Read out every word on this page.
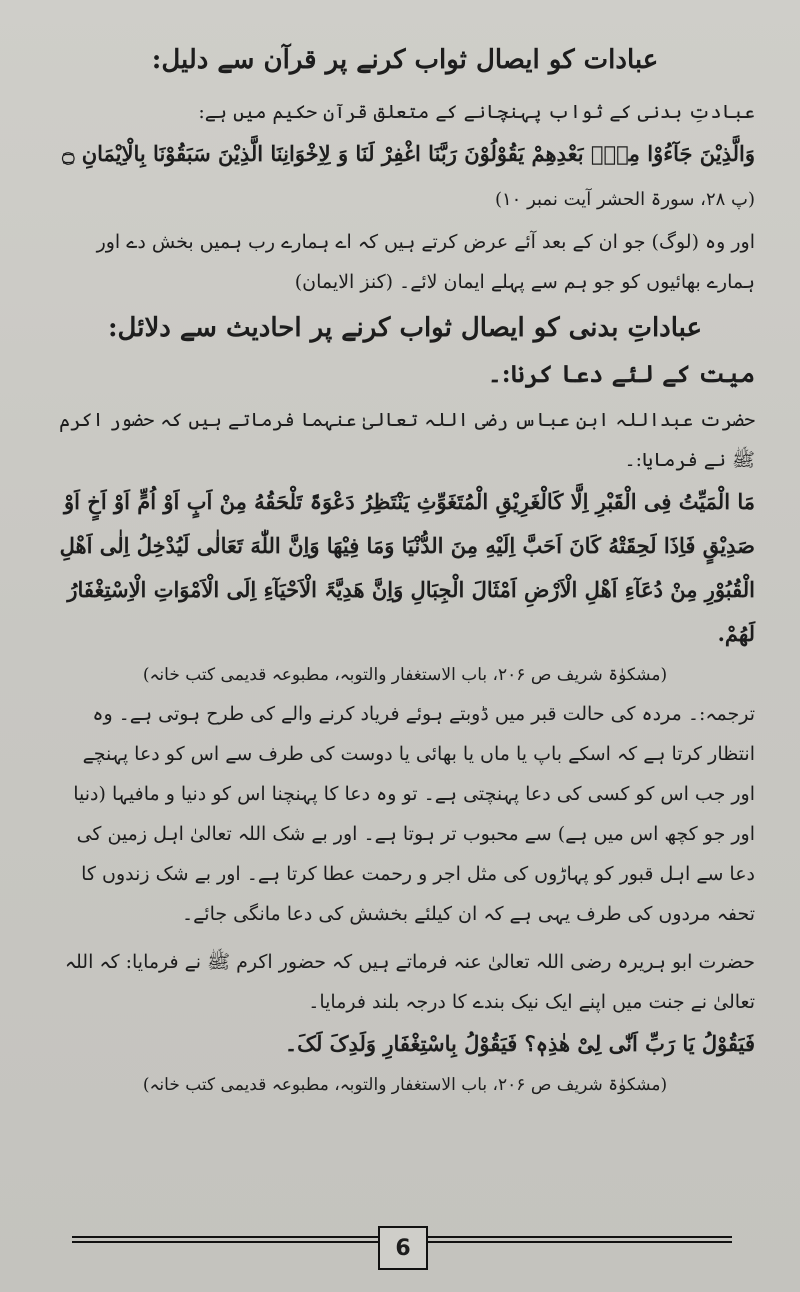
عبادات کو ایصال ثواب کرنے پر قرآن سے دلیل:

عبادتِ بدنی کے ثواب پہنچانے کے متعلق قرآن حکیم میں ہے:

وَالَّذِیْنَ جَآءُوْا مِنْۢ بَعْدِهِمْ یَقُوْلُوْنَ رَبَّنَا اغْفِرْ لَنَا وَ لِاِخْوَانِنَا الَّذِیْنَ سَبَقُوْنَا بِالْاِیْمَانِ ۝ (پ ۲۸، سورۃ الحشر آیت نمبر ۱۰)

اور وہ (لوگ) جو ان کے بعد آئے عرض کرتے ہیں کہ اے ہمارے رب ہمیں بخش دے اور ہمارے بھائیوں کو جو ہم سے پہلے ایمان لائے۔ (کنز الایمان)

عباداتِ بدنی کو ایصال ثواب کرنے پر احادیث سے دلائل:

میت کے لئے دعا کرنا:۔

حضرت عبداللہ ابن عباس رضی اللہ تعالیٰ عنہما فرماتے ہیں کہ حضور اکرم ﷺ نے فرمایا:۔

مَا الْمَیِّتُ فِی الْقَبْرِ اِلَّا کَالْغَرِیْقِ الْمُتَغَوِّثِ یَنْتَظِرُ دَعْوَۃً تَلْحَقُهُ مِنْ اَبٍ اَوْ اُمٍّ اَوْ اَخٍ اَوْ صَدِیْقٍ فَاِذَا لَحِقَتْهُ کَانَ اَحَبَّ اِلَیْهِ مِنَ الدُّنْیَا وَمَا فِیْهَا وَاِنَّ اللّٰهَ تَعَالٰی لَیُدْخِلُ اِلٰی اَهْلِ الْقُبُوْرِ مِنْ دُعَآءِ اَهْلِ الْاَرْضِ اَمْثَالَ الْجِبَالِ وَاِنَّ هَدِیَّۃَ الْاَحْیَآءِ اِلَی الْاَمْوَاتِ الْاِسْتِغْفَارُ لَهُمْ.

(مشکوٰۃ شریف ص ۲۰۶، باب الاستغفار والتوبہ، مطبوعہ قدیمی کتب خانہ)

ترجمہ:۔ مردہ کی حالت قبر میں ڈوبتے ہوئے فریاد کرنے والے کی طرح ہوتی ہے۔ وہ انتظار کرتا ہے کہ اسکے باپ یا ماں یا بھائی یا دوست کی طرف سے اس کو دعا پہنچے اور جب اس کو کسی کی دعا پہنچتی ہے۔ تو وہ دعا کا پہنچنا اس کو دنیا و مافیہا (دنیا اور جو کچھ اس میں ہے) سے محبوب تر ہوتا ہے۔ اور بے شک اللہ تعالیٰ اہل زمین کی دعا سے اہل قبور کو پہاڑوں کی مثل اجر و رحمت عطا کرتا ہے۔ اور بے شک زندوں کا تحفہ مردوں کی طرف یہی ہے کہ ان کیلئے بخشش کی دعا مانگی جائے۔

حضرت ابو ہریرہ رضی اللہ تعالیٰ عنہ فرماتے ہیں کہ حضور اکرم ﷺ نے فرمایا: کہ اللہ تعالیٰ نے جنت میں اپنے ایک نیک بندے کا درجہ بلند فرمایا۔

فَیَقُوْلُ یَا رَبِّ اَنّٰی لِیْ هٰذِهٖ؟ فَیَقُوْلُ بِاسْتِغْفَارِ وَلَدِکَ لَکَ۔

(مشکوٰۃ شریف ص ۲۰۶، باب الاستغفار والتوبہ، مطبوعہ قدیمی کتب خانہ)

6
